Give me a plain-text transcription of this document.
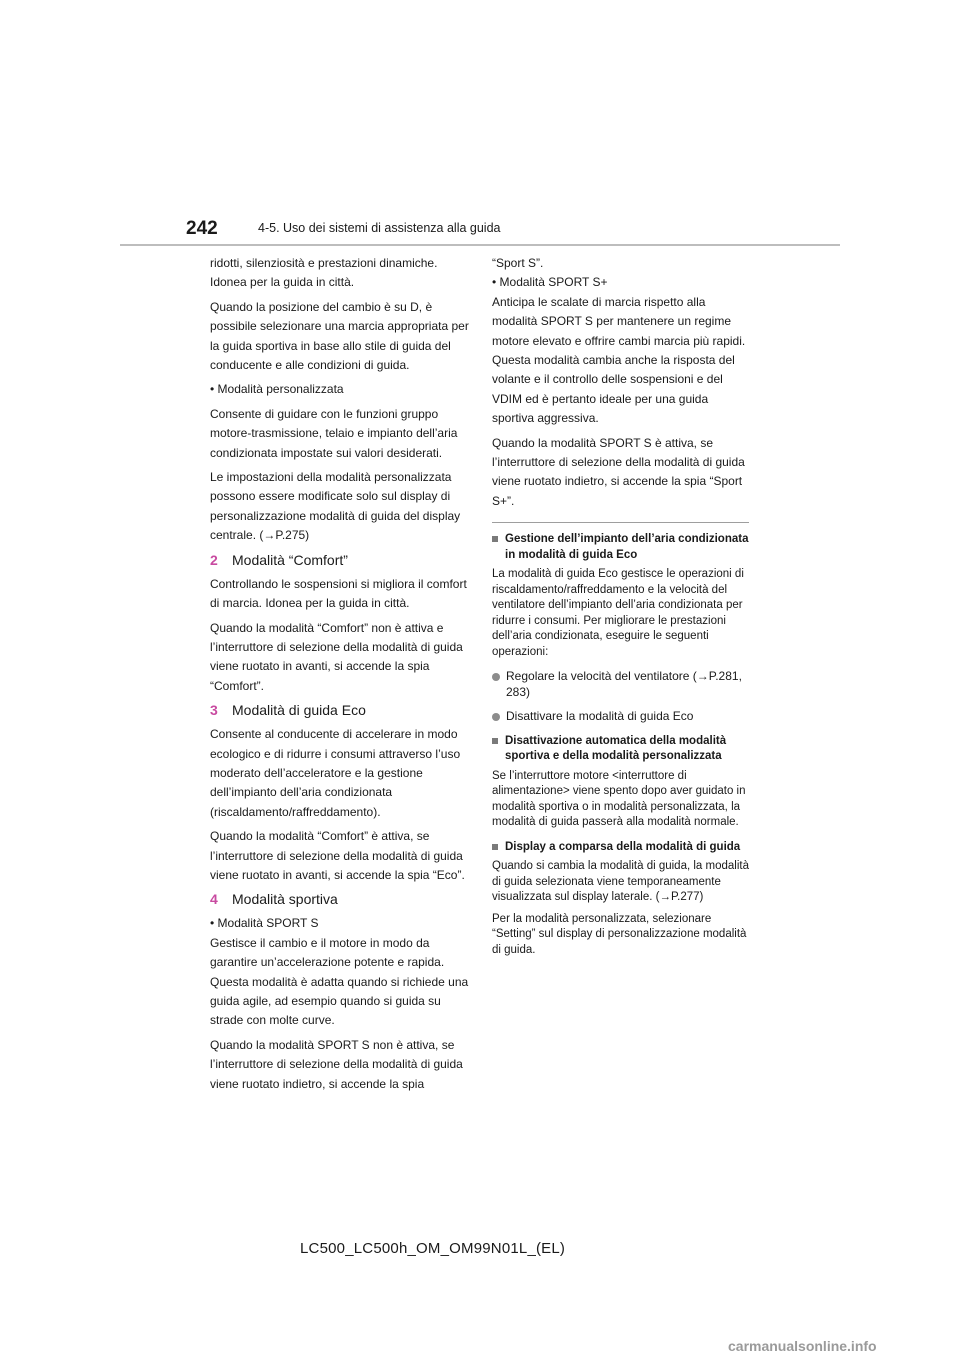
242	4-5. Uso dei sistemi di assistenza alla guida

ridotti, silenziosità e prestazioni dinamiche. Idonea per la guida in città.

Quando la posizione del cambio è su D, è possibile selezionare una marcia appropriata per la guida sportiva in base allo stile di guida del conducente e alle condizioni di guida.

• Modalità personalizzata

Consente di guidare con le funzioni gruppo motore-trasmissione, telaio e impianto dell’aria condizionata impostate sui valori desiderati.

Le impostazioni della modalità personalizzata possono essere modificate solo sul display di personalizzazione modalità di guida del display centrale. (→P.275)

2	Modalità “Comfort”

Controllando le sospensioni si migliora il comfort di marcia. Idonea per la guida in città.

Quando la modalità “Comfort” non è attiva e l’interruttore di selezione della modalità di guida viene ruotato in avanti, si accende la spia “Comfort”.

3	Modalità di guida Eco

Consente al conducente di accelerare in modo ecologico e di ridurre i consumi attraverso l’uso moderato dell’acceleratore e la gestione dell’impianto dell’aria condizionata (riscaldamento/raffreddamento).

Quando la modalità “Comfort” è attiva, se l’interruttore di selezione della modalità di guida viene ruotato in avanti, si accende la spia “Eco”.

4	Modalità sportiva

• Modalità SPORT S

Gestisce il cambio e il motore in modo da garantire un’accelerazione potente e rapida. Questa modalità è adatta quando si richiede una guida agile, ad esempio quando si guida su strade con molte curve.

Quando la modalità SPORT S non è attiva, se l’interruttore di selezione della modalità di guida viene ruotato indietro, si accende la spia

“Sport S”.

• Modalità SPORT S+

Anticipa le scalate di marcia rispetto alla modalità SPORT S per mantenere un regime motore elevato e offrire cambi marcia più rapidi. Questa modalità cambia anche la risposta del volante e il controllo delle sospensioni e del VDIM ed è pertanto ideale per una guida sportiva aggressiva.

Quando la modalità SPORT S è attiva, se l’interruttore di selezione della modalità di guida viene ruotato indietro, si accende la spia “Sport S+”.

Gestione dell’impianto dell’aria condizionata in modalità di guida Eco

La modalità di guida Eco gestisce le operazioni di riscaldamento/raffreddamento e la velocità del ventilatore dell’impianto dell’aria condizionata per ridurre i consumi. Per migliorare le prestazioni dell’aria condizionata, eseguire le seguenti operazioni:

Regolare la velocità del ventilatore (→P.281, 283)
Disattivare la modalità di guida Eco
Disattivazione automatica della modalità sportiva e della modalità personalizzata

Se l’interruttore motore <interruttore di alimentazione> viene spento dopo aver guidato in modalità sportiva o in modalità personalizzata, la modalità di guida passerà alla modalità normale.

Display a comparsa della modalità di guida

Quando si cambia la modalità di guida, la modalità di guida selezionata viene temporaneamente visualizzata sul display laterale. (→P.277)

Per la modalità personalizzata, selezionare “Setting” sul display di personalizzazione modalità di guida.

LC500_LC500h_OM_OM99N01L_(EL)
carmanualsonline.info
